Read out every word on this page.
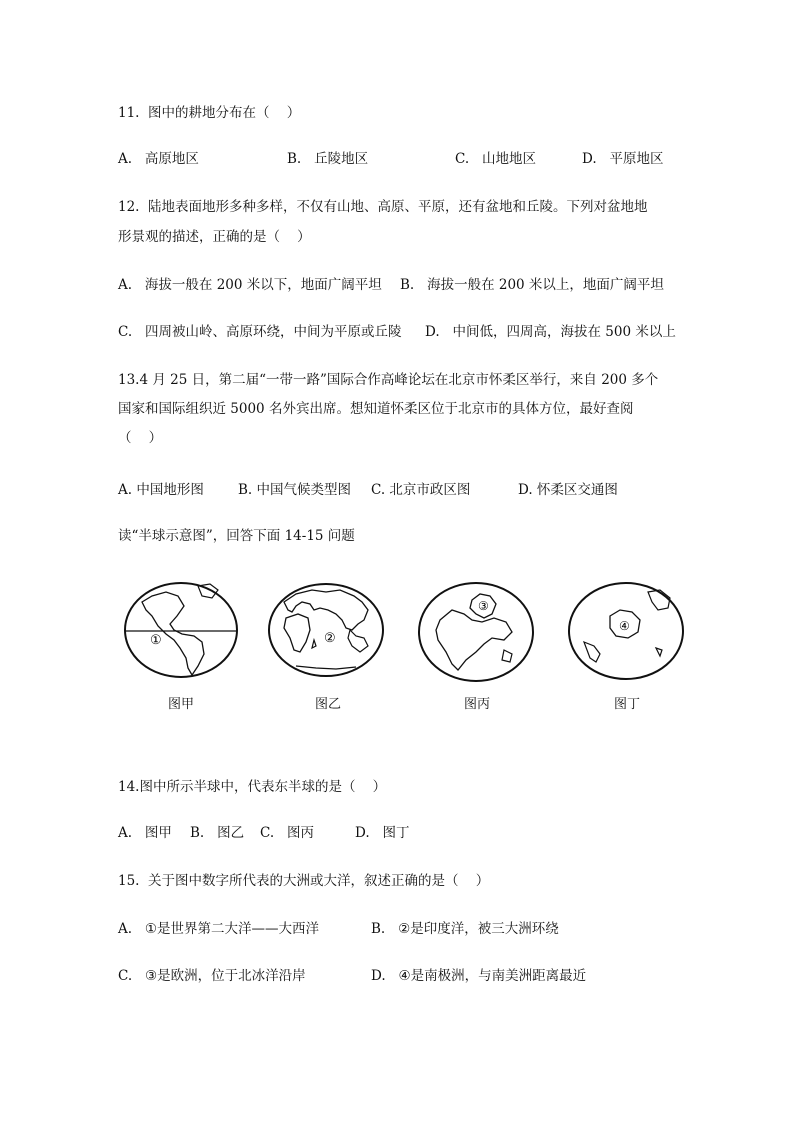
11.  图中的耕地分布在（    ）
A.   高原地区	B.   丘陵地区	C.   山地地区	D.   平原地区
12.  陆地表面地形多种多样，不仅有山地、高原、平原，还有盆地和丘陵。下列对盆地地
形景观的描述，正确的是（    ）
A.   海拔一般在 200 米以下，地面广阔平坦 B.   海拔一般在 200 米以上，地面广阔平坦
C.   四周被山岭、高原环绕，中间为平原或丘陵 D.   中间低，四周高，海拔在 500 米以上
13.4 月 25 日，第二届“一带一路”国际合作高峰论坛在北京市怀柔区举行，来自 200 多个
国家和国际组织近 5000 名外宾出席。想知道怀柔区位于北京市的具体方位，最好查阅
（    ）
A. 中国地形图	B. 中国气候类型图 C. 北京市政区图	D. 怀柔区交通图
读“半球示意图”，回答下面 14-15 问题
①	②
③
④
图甲	图乙	图丙	图丁
14.图中所示半球中，代表东半球的是（    ）
A.   图甲 B.   图乙 C.   图丙	D.   图丁
15.  关于图中数字所代表的大洲或大洋，叙述正确的是（    ）
A.   ①是世界第二大洋——大西洋	B.   ②是印度洋，被三大洲环绕
C.   ③是欧洲，位于北冰洋沿岸	D.   ④是南极洲，与南美洲距离最近
